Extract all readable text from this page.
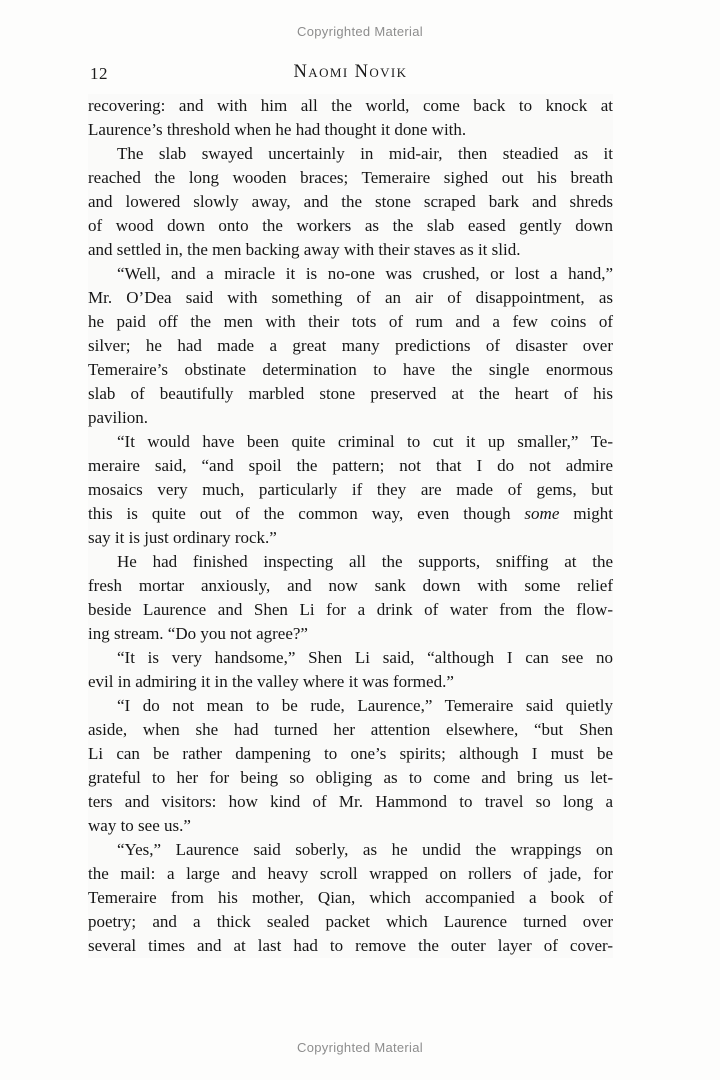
Copyrighted Material
12	Naomi Novik
recovering: and with him all the world, come back to knock at
Laurence’s threshold when he had thought it done with.
The slab swayed uncertainly in mid-air, then steadied as it
reached the long wooden braces; Temeraire sighed out his breath
and lowered slowly away, and the stone scraped bark and shreds
of wood down onto the workers as the slab eased gently down
and settled in, the men backing away with their staves as it slid.
“Well, and a miracle it is no-one was crushed, or lost a hand,”
Mr. O’Dea said with something of an air of disappointment, as
he paid off the men with their tots of rum and a few coins of
silver; he had made a great many predictions of disaster over
Temeraire’s obstinate determination to have the single enormous
slab of beautifully marbled stone preserved at the heart of his
pavilion.
“It would have been quite criminal to cut it up smaller,” Te-
meraire said, “and spoil the pattern; not that I do not admire
mosaics very much, particularly if they are made of gems, but
this is quite out of the common way, even though some might
say it is just ordinary rock.”
He had finished inspecting all the supports, sniffing at the
fresh mortar anxiously, and now sank down with some relief
beside Laurence and Shen Li for a drink of water from the flow-
ing stream. “Do you not agree?”
“It is very handsome,” Shen Li said, “although I can see no
evil in admiring it in the valley where it was formed.”
“I do not mean to be rude, Laurence,” Temeraire said quietly
aside, when she had turned her attention elsewhere, “but Shen
Li can be rather dampening to one’s spirits; although I must be
grateful to her for being so obliging as to come and bring us let-
ters and visitors: how kind of Mr. Hammond to travel so long a
way to see us.”
“Yes,” Laurence said soberly, as he undid the wrappings on
the mail: a large and heavy scroll wrapped on rollers of jade, for
Temeraire from his mother, Qian, which accompanied a book of
poetry; and a thick sealed packet which Laurence turned over
several times and at last had to remove the outer layer of cover-
Copyrighted Material
